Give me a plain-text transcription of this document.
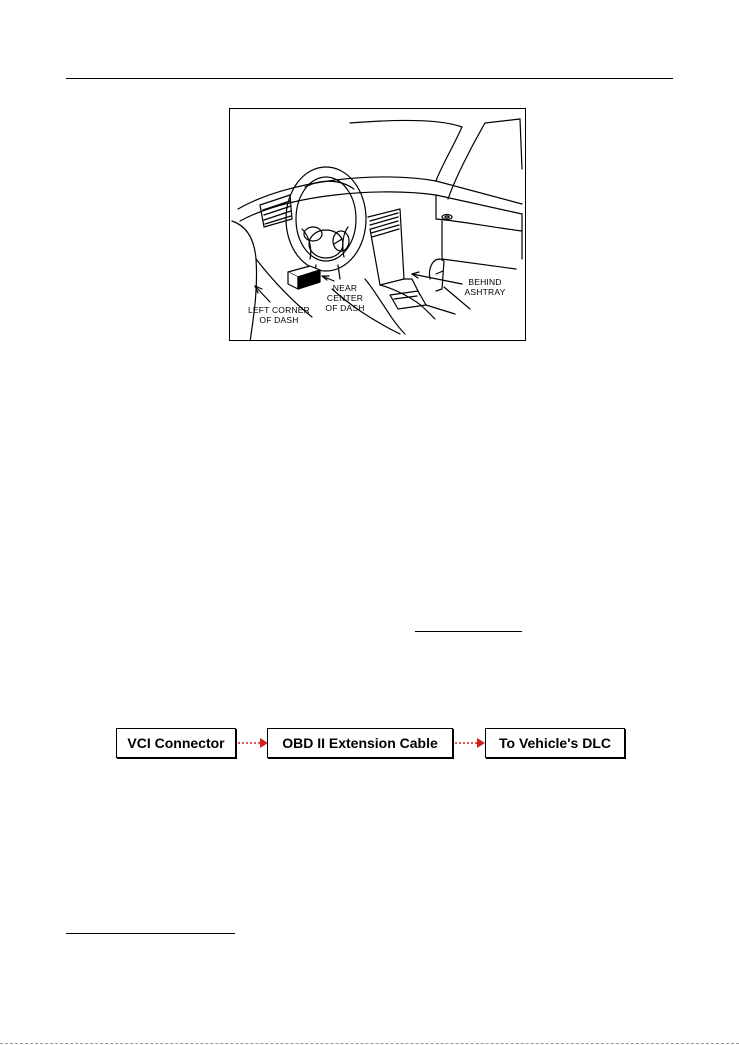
LEFT CORNER
OF DASH
NEAR
CENTER
OF DASH
BEHIND
ASHTRAY
VCI Connector	OBD II Extension Cable	To Vehicle's DLC
